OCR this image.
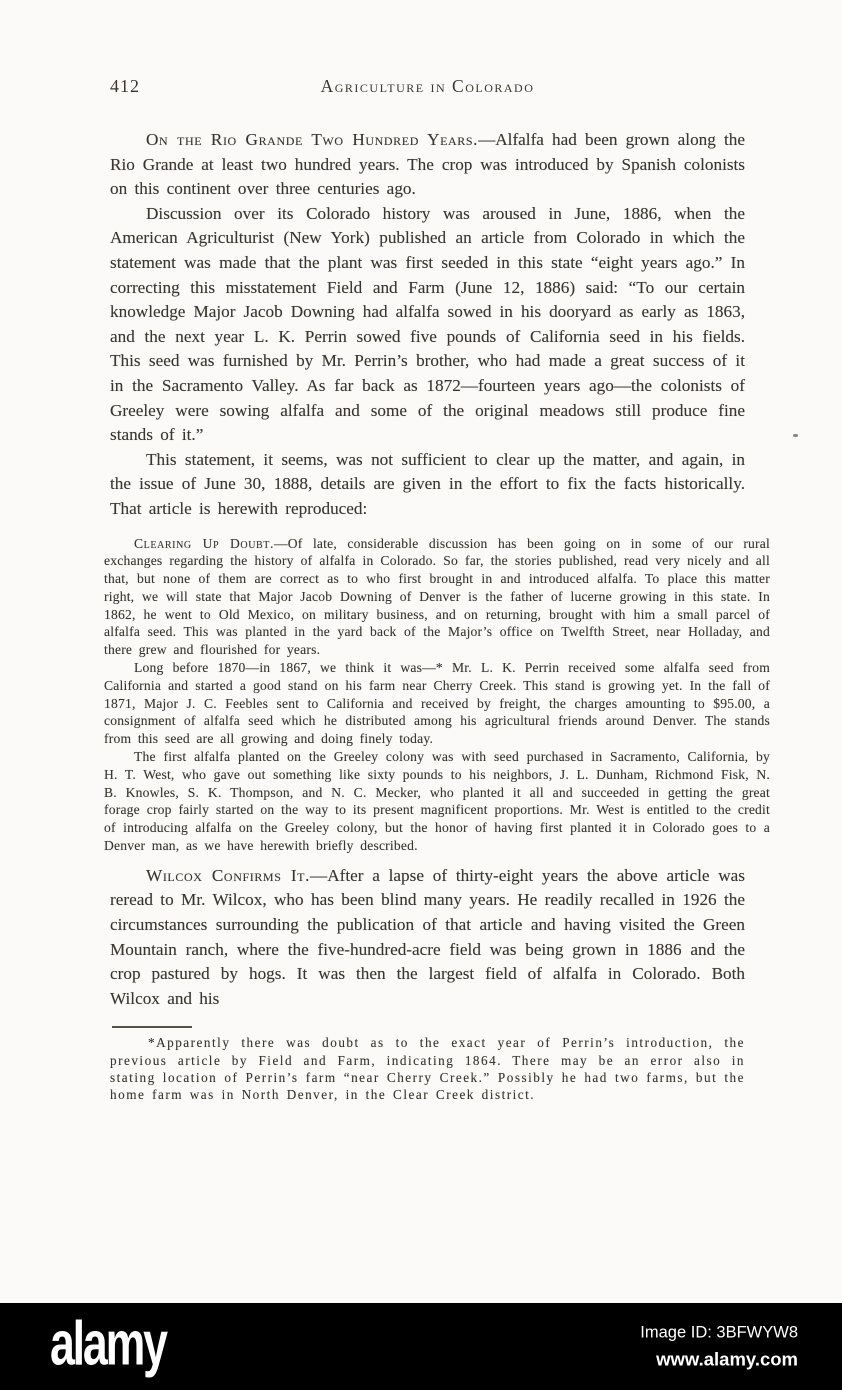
412	Agriculture in Colorado

On the Rio Grande Two Hundred Years.—Alfalfa had been grown along the Rio Grande at least two hundred years. The crop was introduced by Spanish colonists on this continent over three centuries ago.

Discussion over its Colorado history was aroused in June, 1886, when the American Agriculturist (New York) published an article from Colorado in which the statement was made that the plant was first seeded in this state “eight years ago.” In correcting this misstatement Field and Farm (June 12, 1886) said: “To our certain knowledge Major Jacob Downing had alfalfa sowed in his dooryard as early as 1863, and the next year L. K. Perrin sowed five pounds of California seed in his fields. This seed was furnished by Mr. Perrin’s brother, who had made a great success of it in the Sacramento Valley. As far back as 1872—fourteen years ago—the colonists of Greeley were sowing alfalfa and some of the original meadows still produce fine stands of it.”

This statement, it seems, was not sufficient to clear up the matter, and again, in the issue of June 30, 1888, details are given in the effort to fix the facts historically. That article is herewith reproduced:

Clearing Up Doubt.—Of late, considerable discussion has been going on in some of our rural exchanges regarding the history of alfalfa in Colorado. So far, the stories published, read very nicely and all that, but none of them are correct as to who first brought in and introduced alfalfa. To place this matter right, we will state that Major Jacob Downing of Denver is the father of lucerne growing in this state. In 1862, he went to Old Mexico, on military business, and on returning, brought with him a small parcel of alfalfa seed. This was planted in the yard back of the Major’s office on Twelfth Street, near Holladay, and there grew and flourished for years.

Long before 1870—in 1867, we think it was—* Mr. L. K. Perrin received some alfalfa seed from California and started a good stand on his farm near Cherry Creek. This stand is growing yet. In the fall of 1871, Major J. C. Feebles sent to California and received by freight, the charges amounting to $95.00, a consignment of alfalfa seed which he distributed among his agricultural friends around Denver. The stands from this seed are all growing and doing finely today.

The first alfalfa planted on the Greeley colony was with seed purchased in Sacramento, California, by H. T. West, who gave out something like sixty pounds to his neighbors, J. L. Dunham, Richmond Fisk, N. B. Knowles, S. K. Thompson, and N. C. Mecker, who planted it all and succeeded in getting the great forage crop fairly started on the way to its present magnificent proportions. Mr. West is entitled to the credit of introducing alfalfa on the Greeley colony, but the honor of having first planted it in Colorado goes to a Denver man, as we have herewith briefly described.

Wilcox Confirms It.—After a lapse of thirty-eight years the above article was reread to Mr. Wilcox, who has been blind many years. He readily recalled in 1926 the circumstances surrounding the publication of that article and having visited the Green Mountain ranch, where the five-hundred-acre field was being grown in 1886 and the crop pastured by hogs. It was then the largest field of alfalfa in Colorado. Both Wilcox and his

*Apparently there was doubt as to the exact year of Perrin’s introduction, the previous article by Field and Farm, indicating 1864. There may be an error also in stating location of Perrin’s farm “near Cherry Creek.” Possibly he had two farms, but the home farm was in North Denver, in the Clear Creek district.

alamy	Image ID: 3BFWYW8
www.alamy.com
